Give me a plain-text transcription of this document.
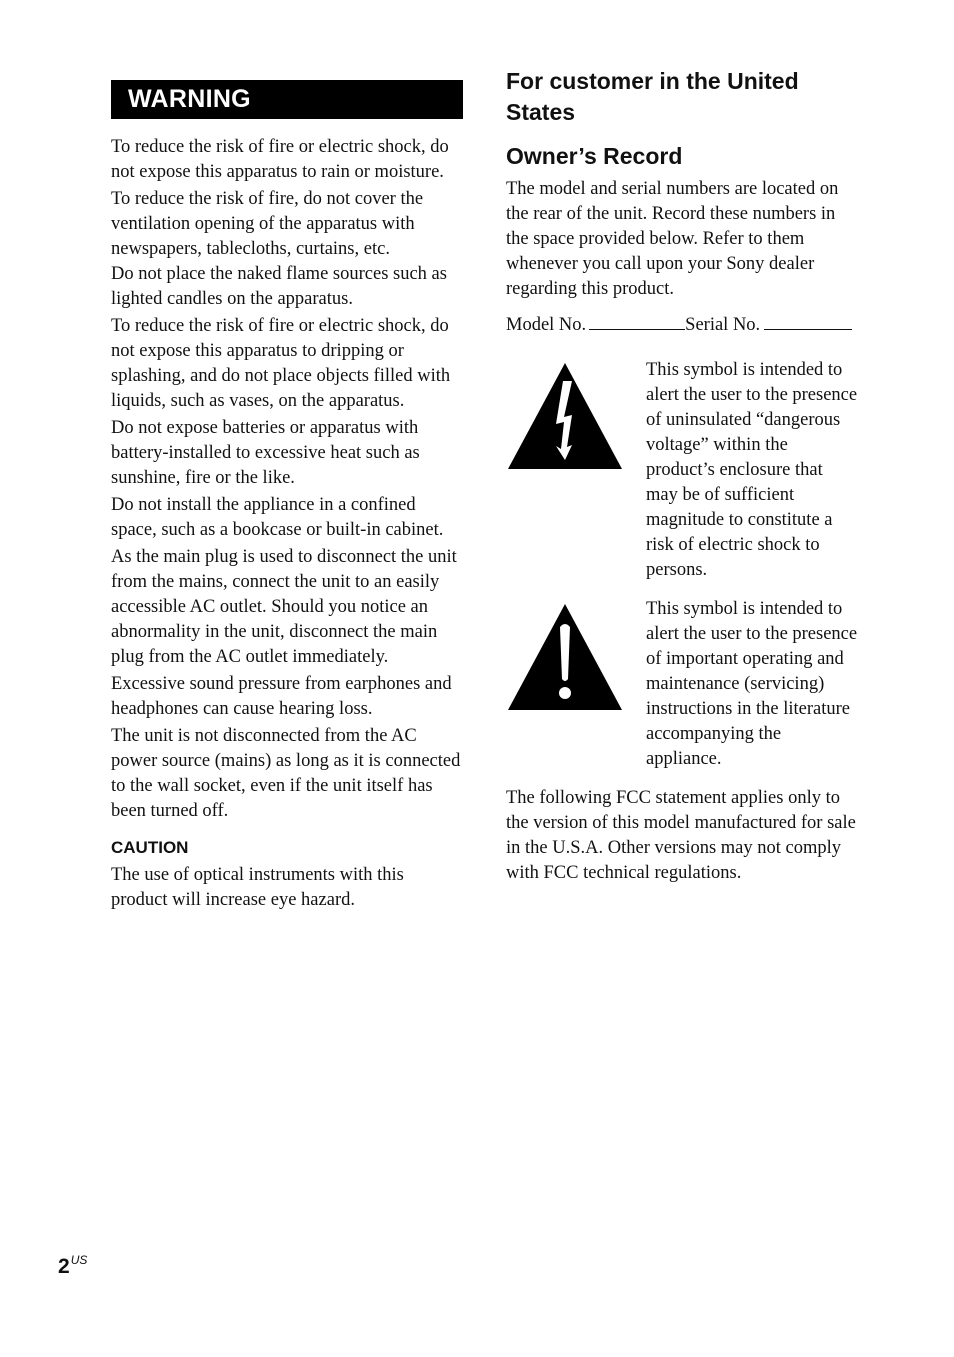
WARNING

To reduce the risk of fire or electric shock, do not expose this apparatus to rain or moisture.

To reduce the risk of fire, do not cover the ventilation opening of the apparatus with newspapers, tablecloths, curtains, etc.

Do not place the naked flame sources such as lighted candles on the apparatus.

To reduce the risk of fire or electric shock, do not expose this apparatus to dripping or splashing, and do not place objects filled with liquids, such as vases, on the apparatus.

Do not expose batteries or apparatus with battery-installed to excessive heat such as sunshine, fire or the like.

Do not install the appliance in a confined space, such as a bookcase or built-in cabinet.

As the main plug is used to disconnect the unit from the mains, connect the unit to an easily accessible AC outlet. Should you notice an abnormality in the unit, disconnect the main plug from the AC outlet immediately.

Excessive sound pressure from earphones and headphones can cause hearing loss.

The unit is not disconnected from the AC power source (mains) as long as it is connected to the wall socket, even if the unit itself has been turned off.

CAUTION

The use of optical instruments with this product will increase eye hazard.

For customer in the United States
Owner’s Record

The model and serial numbers are located on the rear of the unit. Record these numbers in the space provided below. Refer to them whenever you call upon your Sony dealer regarding this product.

Model No.	Serial No.

This symbol is intended to alert the user to the presence of uninsulated “dangerous voltage” within the product’s enclosure that may be of sufficient magnitude to constitute a risk of electric shock to persons.

This symbol is intended to alert the user to the presence of important operating and maintenance (servicing) instructions in the literature accompanying the appliance.

The following FCC statement applies only to the version of this model manufactured for sale in the U.S.A. Other versions may not comply with FCC technical regulations.

$2^{US}$
